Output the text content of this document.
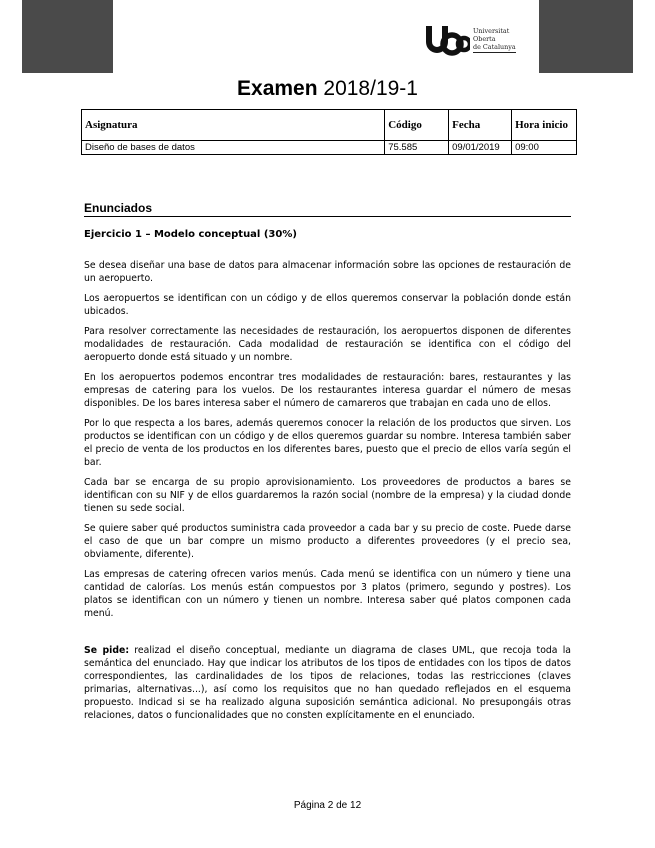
Universitat
Oberta
de Catalunya
Examen 2018/19-1
Asignatura	Código	Fecha	Hora inicio
Diseño de bases de datos	75.585	09/01/2019	09:00
Enunciados
Ejercicio 1 – Modelo conceptual (30%)

Se desea diseñar una base de datos para almacenar información sobre las opciones de restauración de un aeropuerto.

Los aeropuertos se identifican con un código y de ellos queremos conservar la población donde están ubicados.

Para resolver correctamente las necesidades de restauración, los aeropuertos disponen de diferentes modalidades de restauración. Cada modalidad de restauración se identifica con el código del aeropuerto donde está situado y un nombre.

En los aeropuertos podemos encontrar tres modalidades de restauración: bares, restaurantes y las empresas de catering para los vuelos. De los restaurantes interesa guardar el número de mesas disponibles. De los bares interesa saber el número de camareros que trabajan en cada uno de ellos.

Por lo que respecta a los bares, además queremos conocer la relación de los productos que sirven. Los productos se identifican con un código y de ellos queremos guardar su nombre. Interesa también saber el precio de venta de los productos en los diferentes bares, puesto que el precio de ellos varía según el bar.

Cada bar se encarga de su propio aprovisionamiento. Los proveedores de productos a bares se identifican con su NIF y de ellos guardaremos la razón social (nombre de la empresa) y la ciudad donde tienen su sede social.

Se quiere saber qué productos suministra cada proveedor a cada bar y su precio de coste. Puede darse el caso de que un bar compre un mismo producto a diferentes proveedores (y el precio sea, obviamente, diferente).

Las empresas de catering ofrecen varios menús. Cada menú se identifica con un número y tiene una cantidad de calorías. Los menús están compuestos por 3 platos (primero, segundo y postres). Los platos se identifican con un número y tienen un nombre. Interesa saber qué platos componen cada menú.

Se pide: realizad el diseño conceptual, mediante un diagrama de clases UML, que recoja toda la semántica del enunciado. Hay que indicar los atributos de los tipos de entidades con los tipos de datos correspondientes, las cardinalidades de los tipos de relaciones, todas las restricciones (claves primarias, alternativas...), así como los requisitos que no han quedado reflejados en el esquema propuesto. Indicad si se ha realizado alguna suposición semántica adicional. No presupongáis otras relaciones, datos o funcionalidades que no consten explícitamente en el enunciado.

Página 2 de 12
